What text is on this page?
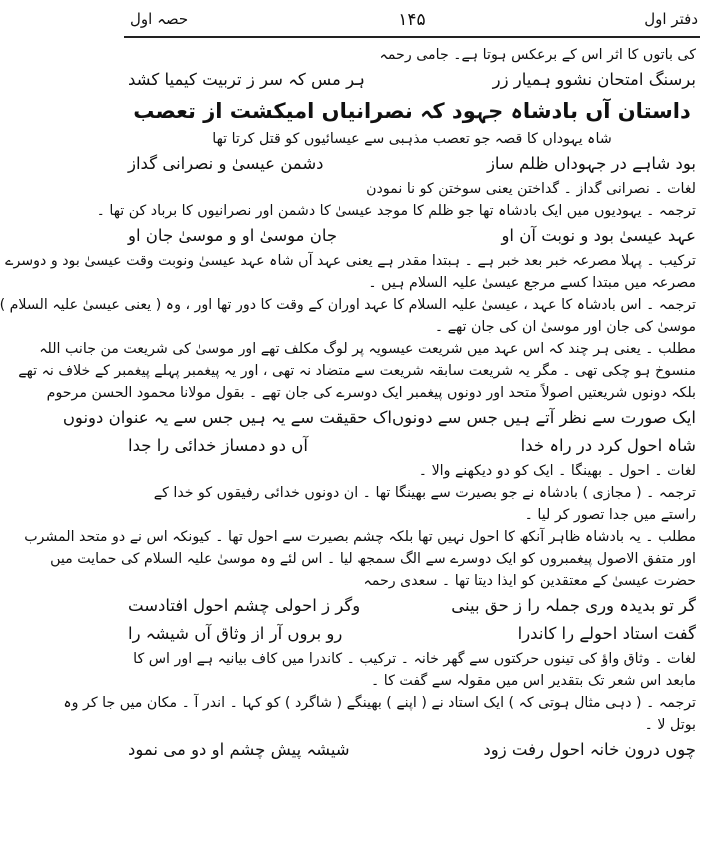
دفتر اول
۱۴۵
حصہ اول
کی باتوں کا اثر اس کے برعکس ہوتا ہے۔ جامی رحمہ
برسنگ امتحان نشوو ہمیار زر
ہر مس کہ سر ز تربیت کیمیا کشد
داستان آں بادشاہ جہود کہ نصرانیاں امیکشت از تعصب
شاہ یہوداں کا قصہ جو تعصب مذہبی سے عیسائیوں کو قتل کرتا تھا
بود شاہے در جہوداں ظلم ساز
دشمن عیسیٰ و نصرانی گداز
لغات ۔ نصرانی گداز ۔ گداختن یعنی سوختن کو نا نمودن
ترجمہ ۔ یہودیوں میں ایک بادشاہ تھا جو ظلم کا موجد عیسیٰ کا دشمن اور نصرانیوں کا برباد کن تھا ۔
عہد عیسیٰ بود و نوبت آن او
جان موسیٰ او و موسیٰ جان او
ترکیب ۔ پہلا مصرعہ خبر بعد خبر ہے ۔ ہبتدا مقدر ہے یعنی عہد آں شاہ عہد عیسیٰ ونوبت وقت عیسیٰ بود و دوسرے
مصرعہ میں مبتدا کسے مرجع عیسیٰ علیہ السلام ہیں ۔
ترجمہ ۔ اس بادشاہ کا عہد ، عیسیٰ علیہ السلام کا عہد اوران کے وقت کا دور تھا اور ، وہ ( یعنی عیسیٰ علیہ السلام )
موسیٰ کی جان اور موسیٰ ان کی جان تھے ۔
مطلب ۔ یعنی ہر چند کہ اس عہد میں شریعت عیسویہ پر لوگ مکلف تھے اور موسیٰ کی شریعت من جانب اللہ
منسوخ ہو چکی تھی ۔ مگر یہ شریعت سابقہ شریعت سے متضاد نہ تھی ، اور یہ پیغمبر پہلے پیغمبر کے خلاف نہ تھے
بلکہ دونوں شریعتیں اصولاً متحد اور دونوں پیغمبر ایک دوسرے کی جان تھے ۔ بقول مولانا محمود الحسن مرحوم
ایک صورت سے نظر آتے ہیں جس سے دونوں
اک حقیقت سے یہ ہیں جس سے یہ عنوان دونوں
شاہ احول کرد در راہ خدا
آں دو دمساز خدائی را جدا
لغات ۔ احول ۔ بھینگا ۔ ایک کو دو دیکھنے والا ۔
ترجمہ ۔ ( مجازی ) بادشاہ نے جو بصیرت سے بھینگا تھا ۔ ان دونوں خدائی رفیقوں کو خدا کے
راستے میں جدا تصور کر لیا ۔
مطلب ۔ یہ بادشاہ ظاہر آنکھ کا احول نہیں تھا بلکہ چشم بصیرت سے احول تھا ۔ کیونکہ اس نے دو متحد المشرب
اور متفق الاصول پیغمبروں کو ایک دوسرے سے الگ سمجھ لیا ۔ اس لئے وہ موسیٰ علیہ السلام کی حمایت میں
حضرت عیسیٰ کے معتقدین کو ایذا دیتا تھا ۔ سعدی رحمہ
گر تو بدیدہ وری جملہ را ز حق بینی
وگر ز احولی چشم احول افتادست
گفت استاد احولے را کاندرا
رو بروں آر از وثاق آں شیشہ را
لغات ۔ وثاق واؤ کی تینوں حرکتوں سے گھر خانہ ۔ ترکیب ۔ کاندرا میں کاف بیانیہ ہے اور اس کا
مابعد اس شعر تک بتقدیر اس میں مقولہ سے گفت کا ۔
ترجمہ ۔ ( دہی مثال ہوتی کہ ) ایک استاد نے ( اپنے ) بھینگے ( شاگرد ) کو کہا ۔ اندر آ ۔ مکان میں جا کر وہ
بوتل لا ۔
چوں درون خانہ احول رفت زود
شیشہ پیش چشم او دو می نمود
